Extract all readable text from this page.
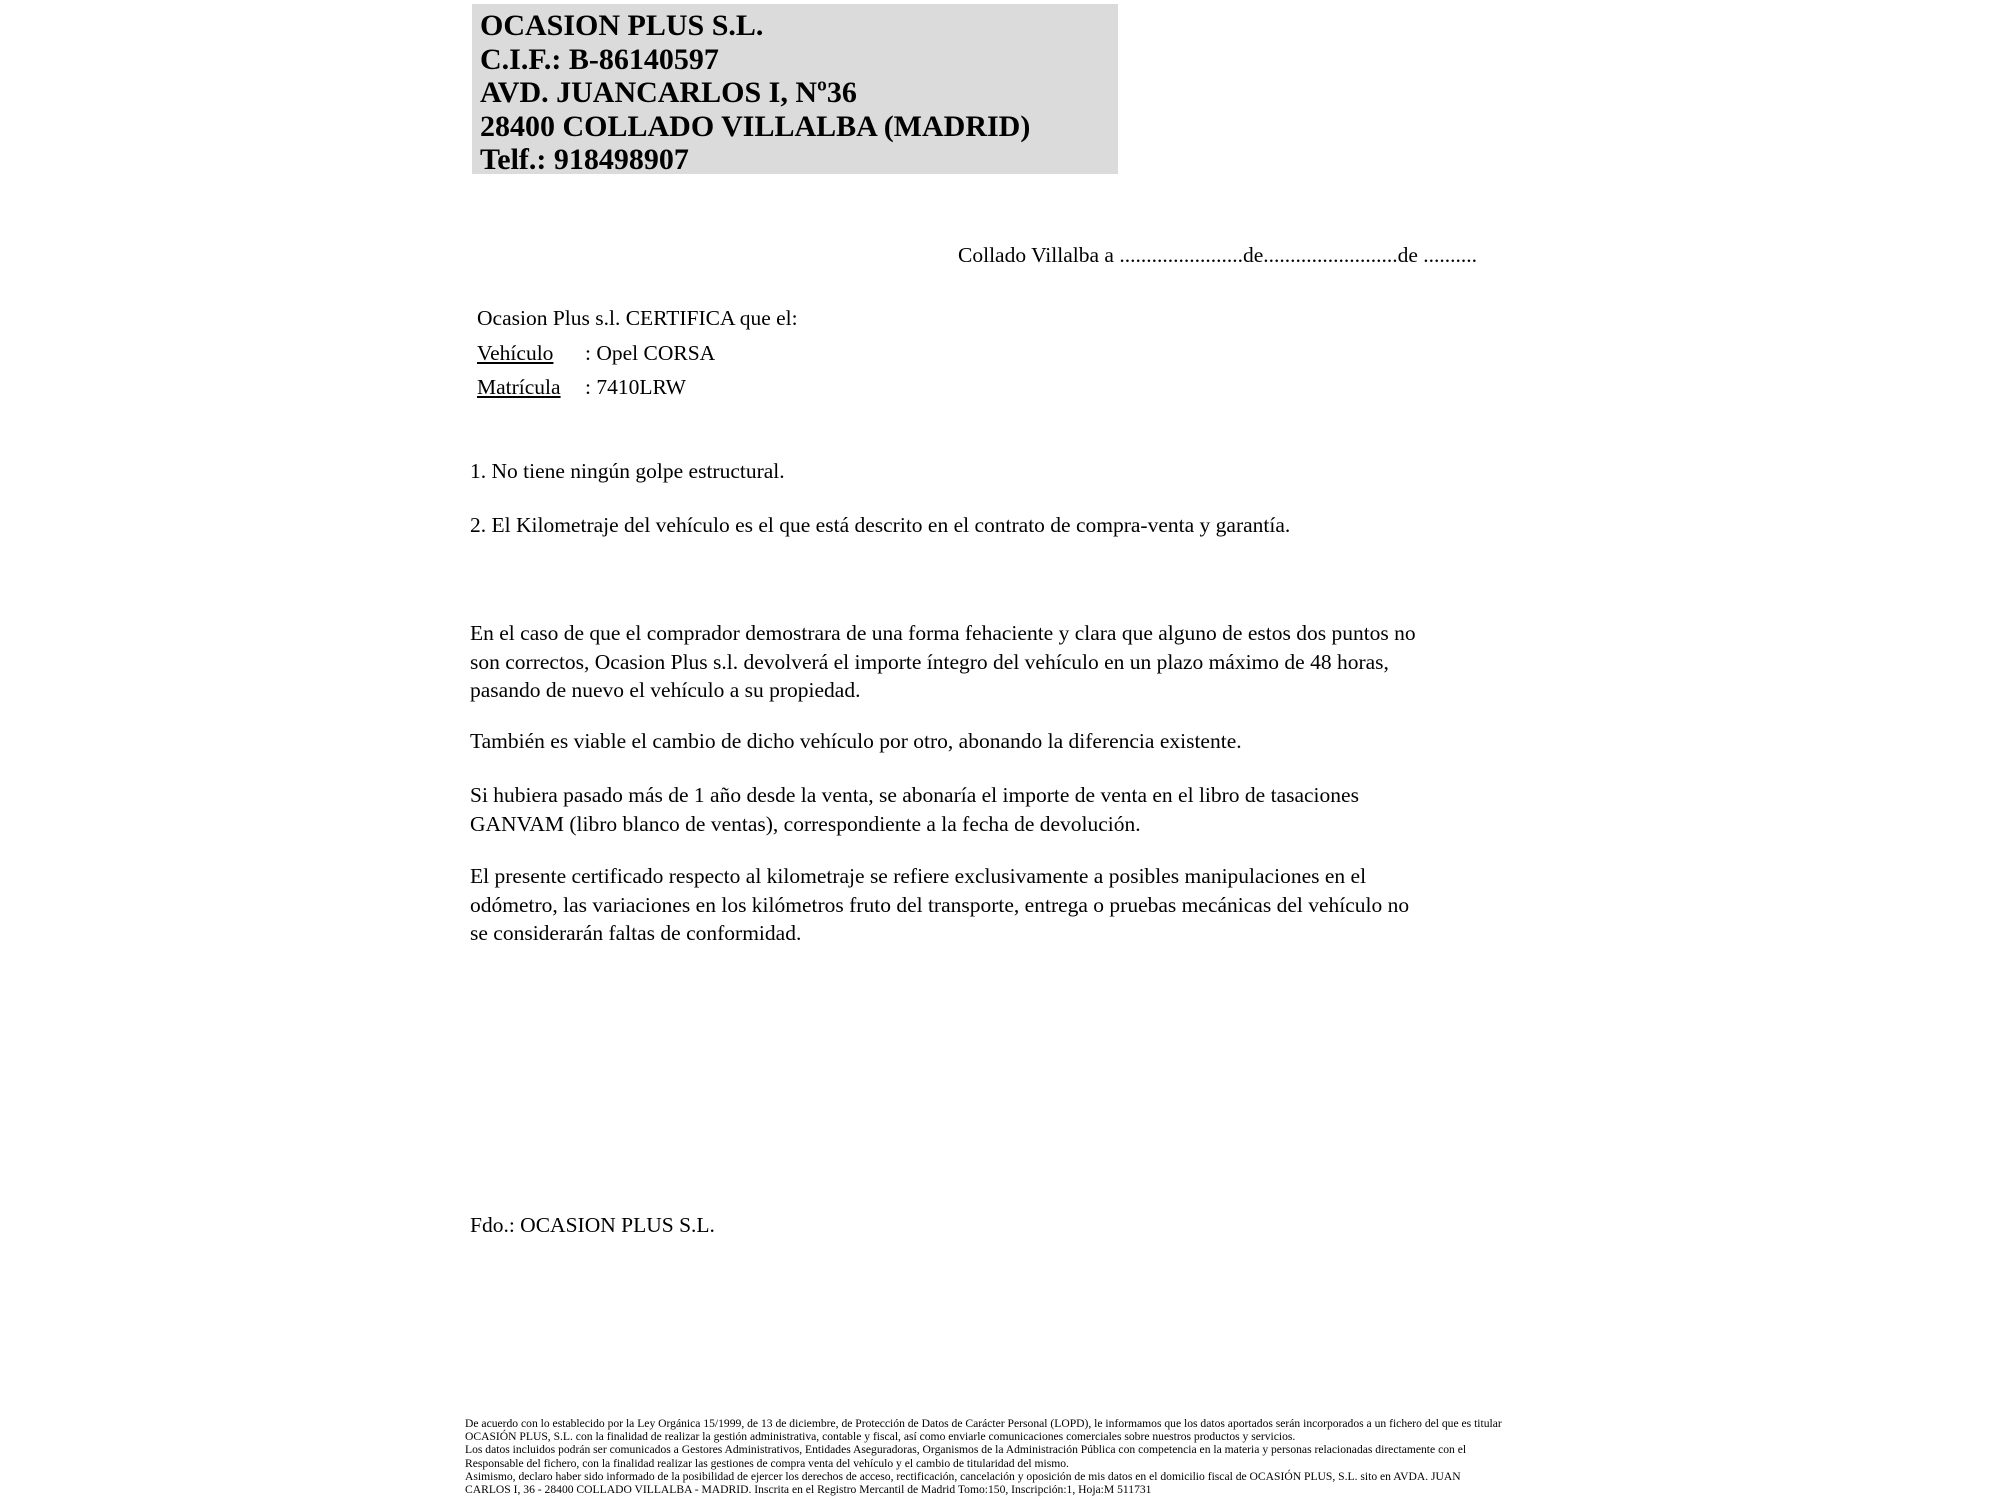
OCASION PLUS S.L.
C.I.F.: B-86140597
AVD. JUANCARLOS I, Nº36
28400 COLLADO VILLALBA (MADRID)
Telf.: 918498907
Collado Villalba a .......................de.........................de ..........
Ocasion Plus s.l. CERTIFICA que el:
Vehículo : Opel CORSA
Matrícula : 7410LRW
1. No tiene ningún golpe estructural.
2. El Kilometraje del vehículo es el que está descrito en el contrato de compra-venta y garantía.
En el caso de que el comprador demostrara de una forma fehaciente y clara que alguno de estos dos puntos no
son correctos, Ocasion Plus s.l. devolverá el importe íntegro del vehículo en un plazo máximo de 48 horas,
pasando de nuevo el vehículo a su propiedad.
También es viable el cambio de dicho vehículo por otro, abonando la diferencia existente.
Si hubiera pasado más de 1 año desde la venta, se abonaría el importe de venta en el libro de tasaciones
GANVAM (libro blanco de ventas), correspondiente a la fecha de devolución.
El presente certificado respecto al kilometraje se refiere exclusivamente a posibles manipulaciones en el
odómetro, las variaciones en los kilómetros fruto del transporte, entrega o pruebas mecánicas del vehículo no
se considerarán faltas de conformidad.
Fdo.: OCASION PLUS S.L.
De acuerdo con lo establecido por la Ley Orgánica 15/1999, de 13 de diciembre, de Protección de Datos de Carácter Personal (LOPD), le informamos que los datos aportados serán incorporados a un fichero del que es titular
OCASIÓN PLUS, S.L. con la finalidad de realizar la gestión administrativa, contable y fiscal, así como enviarle comunicaciones comerciales sobre nuestros productos y servicios.
Los datos incluidos podrán ser comunicados a Gestores Administrativos, Entidades Aseguradoras, Organismos de la Administración Pública con competencia en la materia y personas relacionadas directamente con el
Responsable del fichero, con la finalidad realizar las gestiones de compra venta del vehículo y el cambio de titularidad del mismo.
Asimismo, declaro haber sido informado de la posibilidad de ejercer los derechos de acceso, rectificación, cancelación y oposición de mis datos en el domicilio fiscal de OCASIÓN PLUS, S.L. sito en AVDA. JUAN
CARLOS I, 36 - 28400 COLLADO VILLALBA - MADRID. Inscrita en el Registro Mercantil de Madrid Tomo:150, Inscripción:1, Hoja:M 511731
